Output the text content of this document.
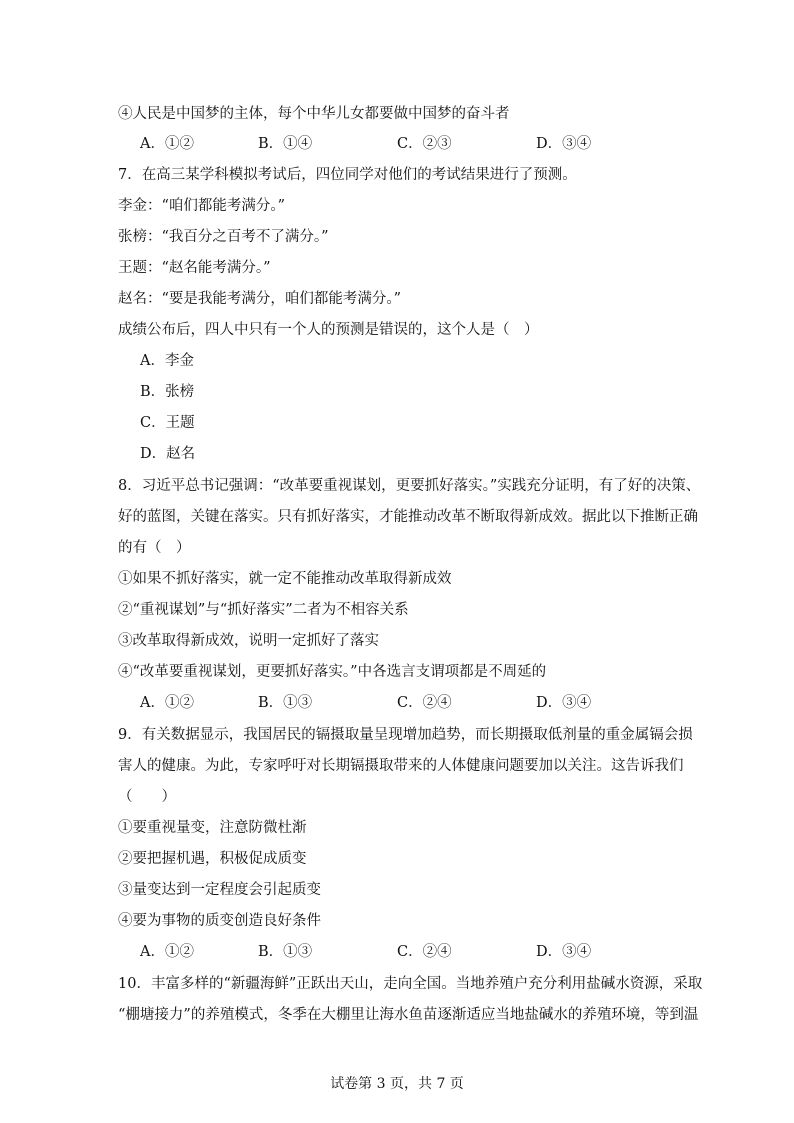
④人民是中国梦的主体，每个中华儿女都要做中国梦的奋斗者
A．①②	B．①④	C．②③	D．③④
7．在高三某学科模拟考试后，四位同学对他们的考试结果进行了预测。
李金：“咱们都能考满分。”
张榜：“我百分之百考不了满分。”
王题：“赵名能考满分。”
赵名：“要是我能考满分，咱们都能考满分。”
成绩公布后，四人中只有一个人的预测是错误的，这个人是（　）
A．李金
B．张榜
C．王题
D．赵名
8．习近平总书记强调：“改革要重视谋划，更要抓好落实。”实践充分证明，有了好的决策、
好的蓝图，关键在落实。只有抓好落实，才能推动改革不断取得新成效。据此以下推断正确
的有（　）
①如果不抓好落实，就一定不能推动改革取得新成效
②“重视谋划”与“抓好落实”二者为不相容关系
③改革取得新成效，说明一定抓好了落实
④“改革要重视谋划，更要抓好落实。”中各选言支谓项都是不周延的
A．①②	B．①③	C．②④	D．③④
9．有关数据显示，我国居民的镉摄取量呈现增加趋势，而长期摄取低剂量的重金属镉会损
害人的健康。为此，专家呼吁对长期镉摄取带来的人体健康问题要加以关注。这告诉我们
（　　）
①要重视量变，注意防微杜渐
②要把握机遇，积极促成质变
③量变达到一定程度会引起质变
④要为事物的质变创造良好条件
A．①②	B．①③	C．②④	D．③④
10．丰富多样的“新疆海鲜”正跃出天山，走向全国。当地养殖户充分利用盐碱水资源，采取
“棚塘接力”的养殖模式，冬季在大棚里让海水鱼苗逐渐适应当地盐碱水的养殖环境，等到温
试卷第 3 页，共 7 页
